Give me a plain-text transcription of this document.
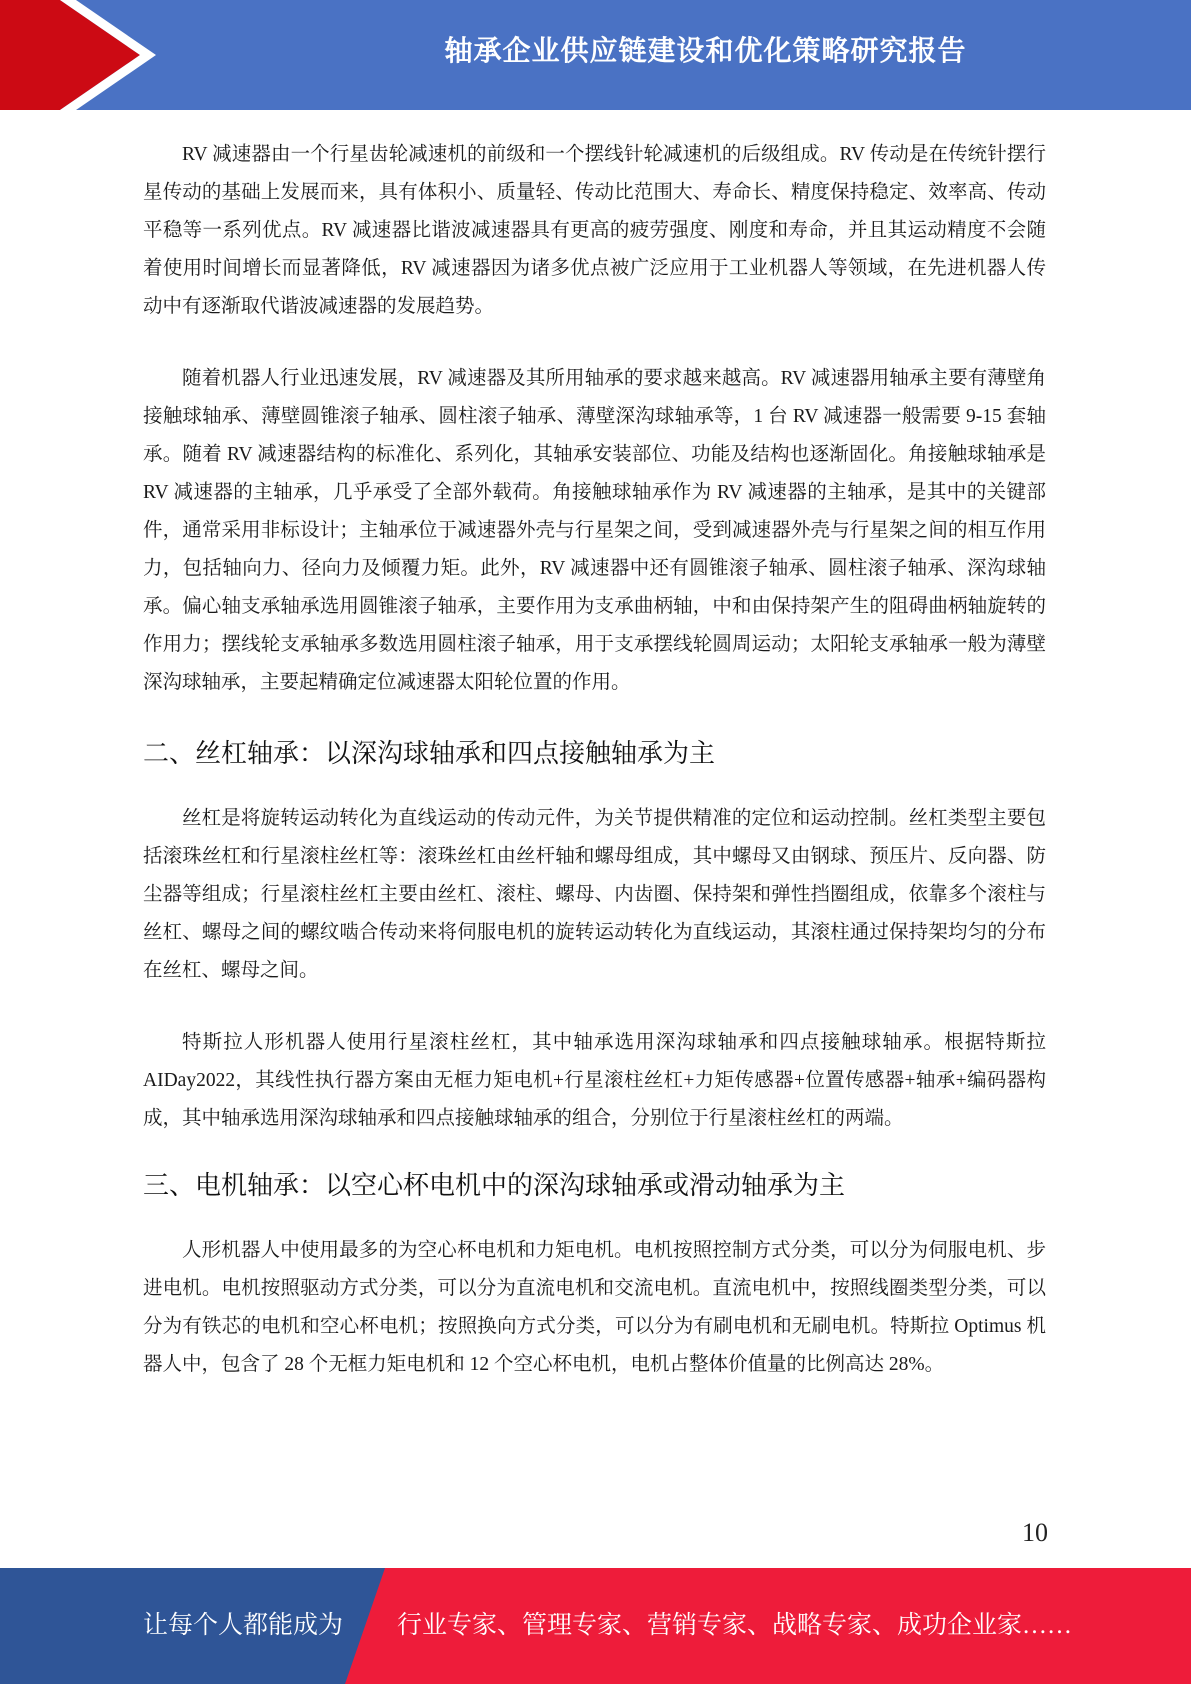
轴承企业供应链建设和优化策略研究报告

RV 减速器由一个行星齿轮减速机的前级和一个摆线针轮减速机的后级组成。RV 传动是在传统针摆行星传动的基础上发展而来，具有体积小、质量轻、传动比范围大、寿命长、精度保持稳定、效率高、传动平稳等一系列优点。RV 减速器比谐波减速器具有更高的疲劳强度、刚度和寿命，并且其运动精度不会随着使用时间增长而显著降低，RV 减速器因为诸多优点被广泛应用于工业机器人等领域，在先进机器人传动中有逐渐取代谐波减速器的发展趋势。

随着机器人行业迅速发展，RV 减速器及其所用轴承的要求越来越高。RV 减速器用轴承主要有薄壁角接触球轴承、薄壁圆锥滚子轴承、圆柱滚子轴承、薄壁深沟球轴承等，1 台 RV 减速器一般需要 9-15 套轴承。随着 RV 减速器结构的标准化、系列化，其轴承安装部位、功能及结构也逐渐固化。角接触球轴承是 RV 减速器的主轴承，几乎承受了全部外载荷。角接触球轴承作为 RV 减速器的主轴承，是其中的关键部件，通常采用非标设计；主轴承位于减速器外壳与行星架之间，受到减速器外壳与行星架之间的相互作用力，包括轴向力、径向力及倾覆力矩。此外，RV 减速器中还有圆锥滚子轴承、圆柱滚子轴承、深沟球轴承。偏心轴支承轴承选用圆锥滚子轴承，主要作用为支承曲柄轴，中和由保持架产生的阻碍曲柄轴旋转的作用力；摆线轮支承轴承多数选用圆柱滚子轴承，用于支承摆线轮圆周运动；太阳轮支承轴承一般为薄壁深沟球轴承，主要起精确定位减速器太阳轮位置的作用。

二、丝杠轴承：以深沟球轴承和四点接触轴承为主

丝杠是将旋转运动转化为直线运动的传动元件，为关节提供精准的定位和运动控制。丝杠类型主要包括滚珠丝杠和行星滚柱丝杠等：滚珠丝杠由丝杆轴和螺母组成，其中螺母又由钢球、预压片、反向器、防尘器等组成；行星滚柱丝杠主要由丝杠、滚柱、螺母、内齿圈、保持架和弹性挡圈组成，依靠多个滚柱与丝杠、螺母之间的螺纹啮合传动来将伺服电机的旋转运动转化为直线运动，其滚柱通过保持架均匀的分布在丝杠、螺母之间。

特斯拉人形机器人使用行星滚柱丝杠，其中轴承选用深沟球轴承和四点接触球轴承。根据特斯拉 AIDay2022，其线性执行器方案由无框力矩电机+行星滚柱丝杠+力矩传感器+位置传感器+轴承+编码器构成，其中轴承选用深沟球轴承和四点接触球轴承的组合，分别位于行星滚柱丝杠的两端。

三、电机轴承：以空心杯电机中的深沟球轴承或滑动轴承为主

人形机器人中使用最多的为空心杯电机和力矩电机。电机按照控制方式分类，可以分为伺服电机、步进电机。电机按照驱动方式分类，可以分为直流电机和交流电机。直流电机中，按照线圈类型分类，可以分为有铁芯的电机和空心杯电机；按照换向方式分类，可以分为有刷电机和无刷电机。特斯拉 Optimus 机器人中，包含了 28 个无框力矩电机和 12 个空心杯电机，电机占整体价值量的比例高达 28%。

10
让每个人都能成为 行业专家、管理专家、营销专家、战略专家、成功企业家……
